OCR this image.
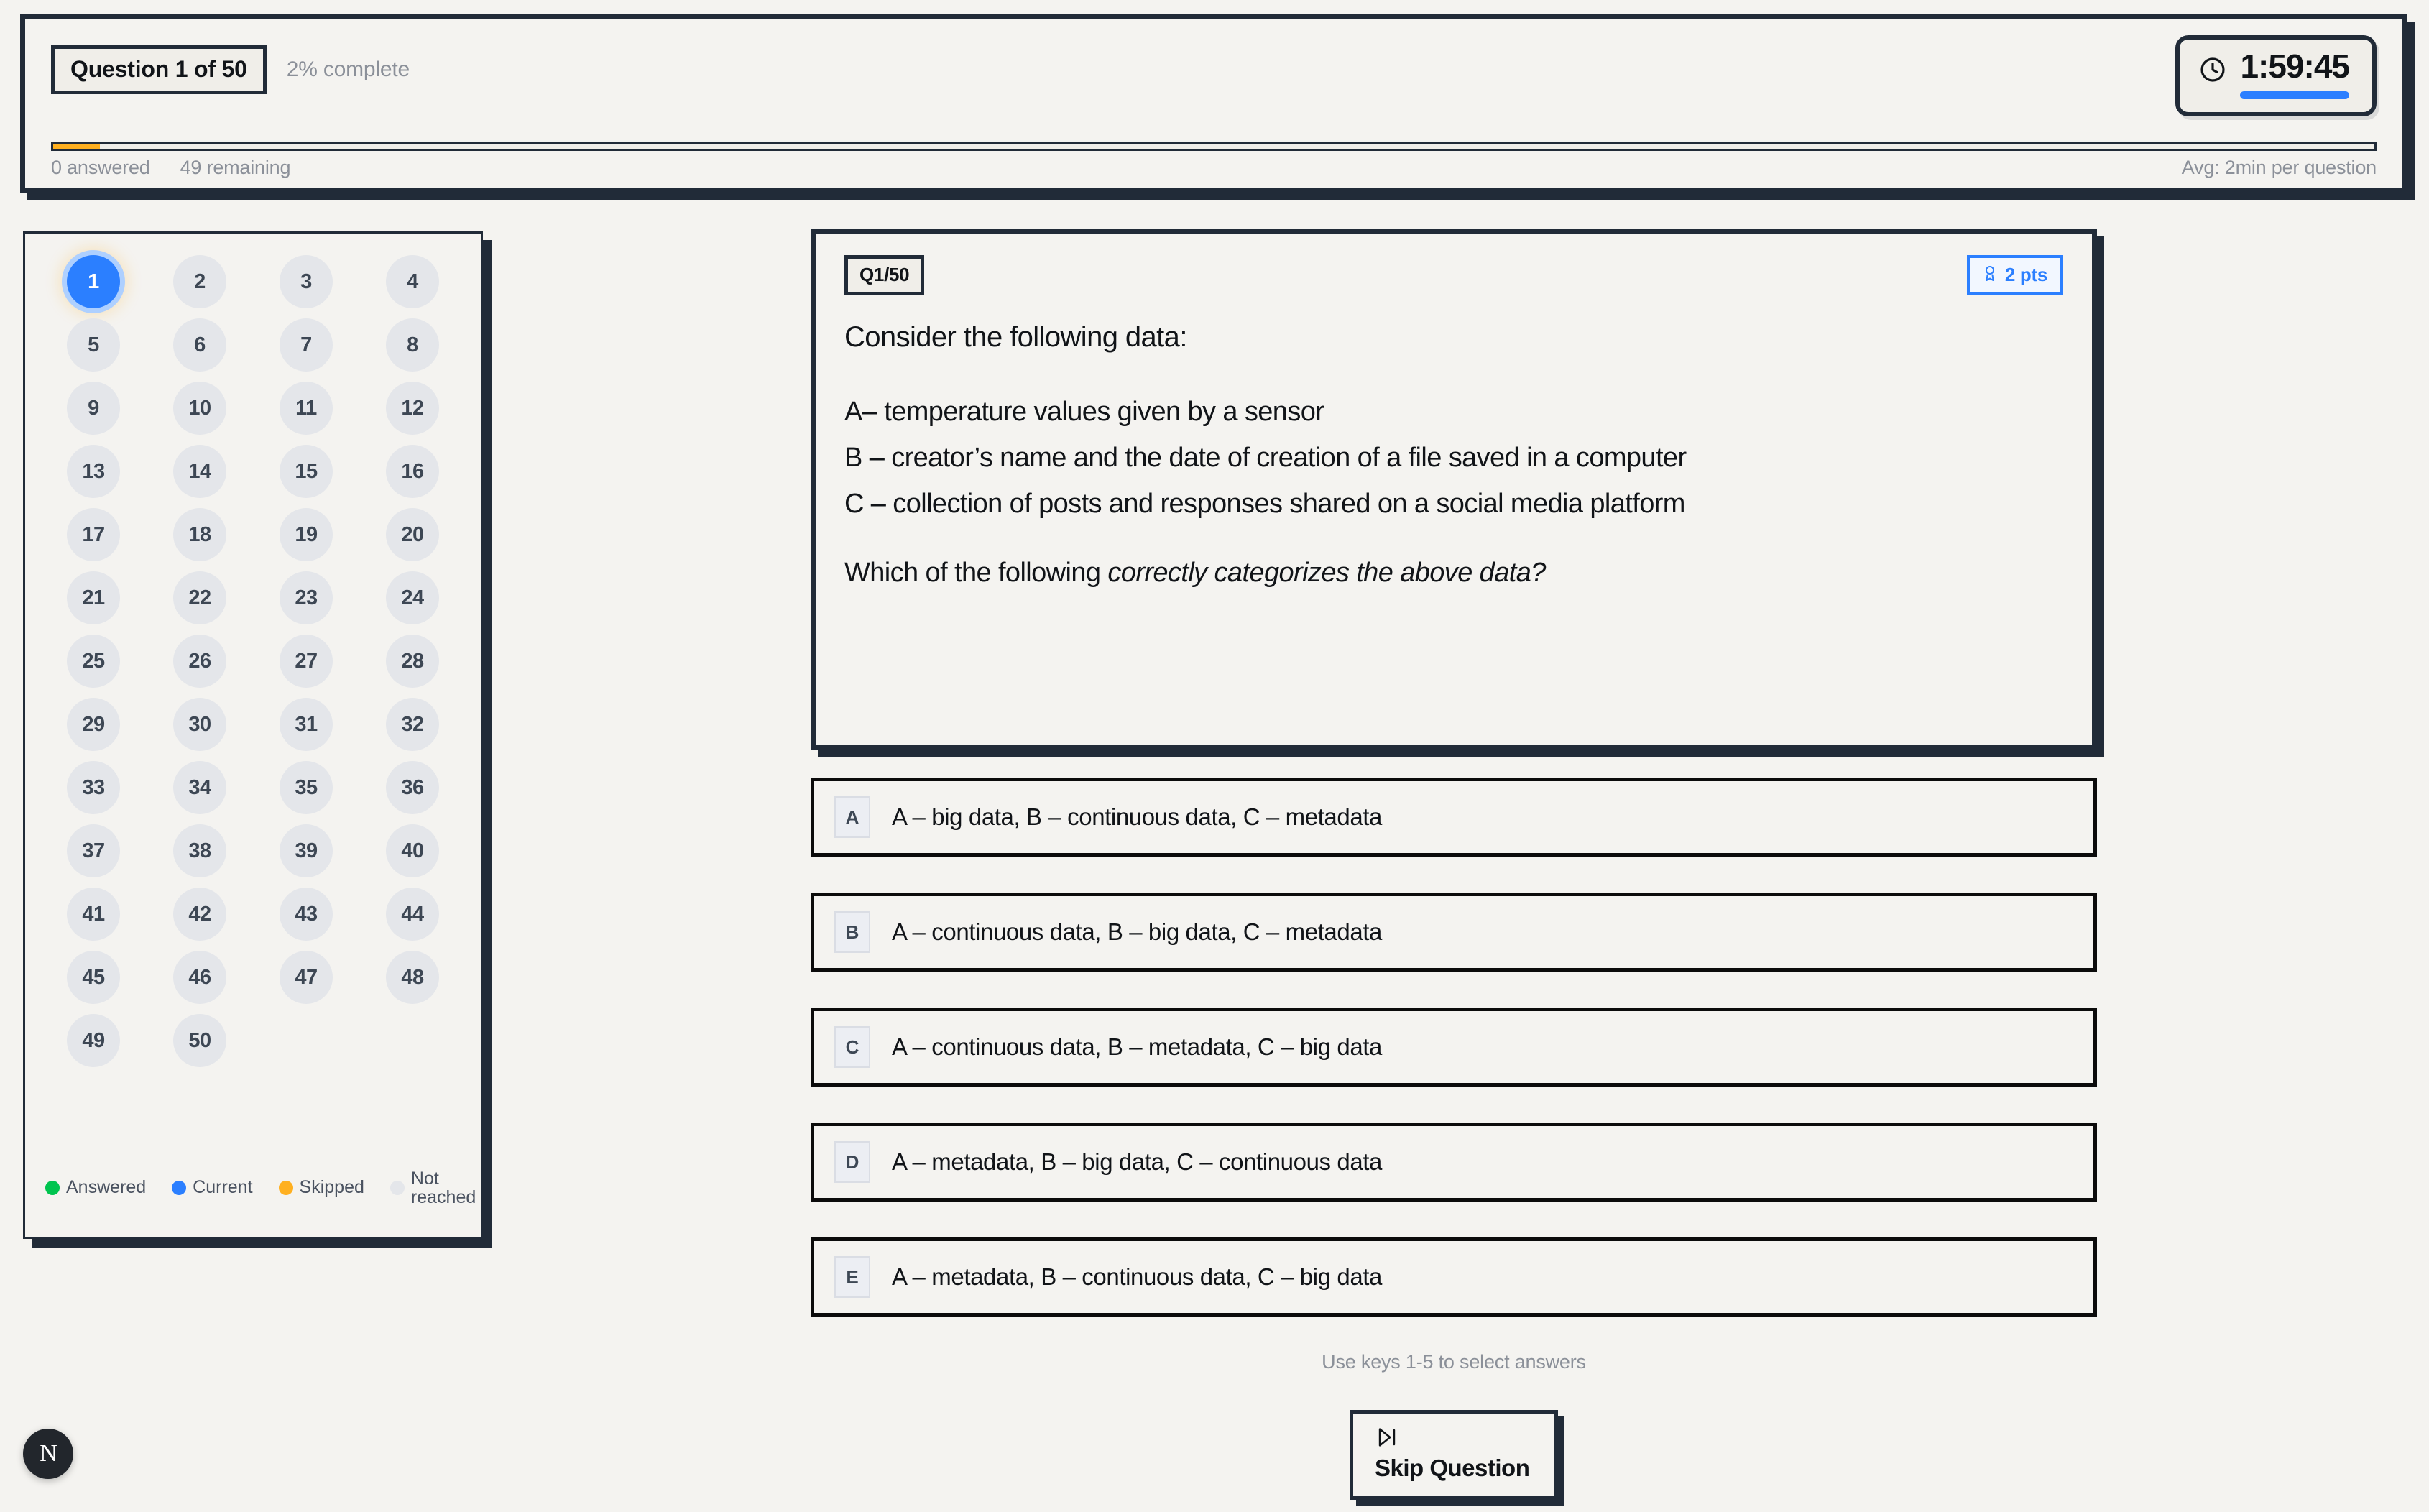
Question 1 of 50	2% complete	1:59:45
0 answered 49 remaining	Avg: 2min per question
1	2	3	4
5	6	7	8
9	10	11	12
13	14	15	16
17	18	19	20
21	22	23	24
25	26	27	28
29	30	31	32
33	34	35	36
37	38	39	40
41	42	43	44
45	46	47	48
49	50
Answered	Current	Skipped	Not reached
Q1/50	2 pts
Consider the following data:
A– temperature values given by a sensor
B – creator’s name and the date of creation of a file saved in a computer
C – collection of posts and responses shared on a social media platform
Which of the following correctly categorizes the above data?
A	A – big data, B – continuous data, C – metadata
B	A – continuous data, B – big data, C – metadata
C	A – continuous data, B – metadata, C – big data
D	A – metadata, B – big data, C – continuous data
E	A – metadata, B – continuous data, C – big data
Use keys 1-5 to select answers
Skip Question
N
